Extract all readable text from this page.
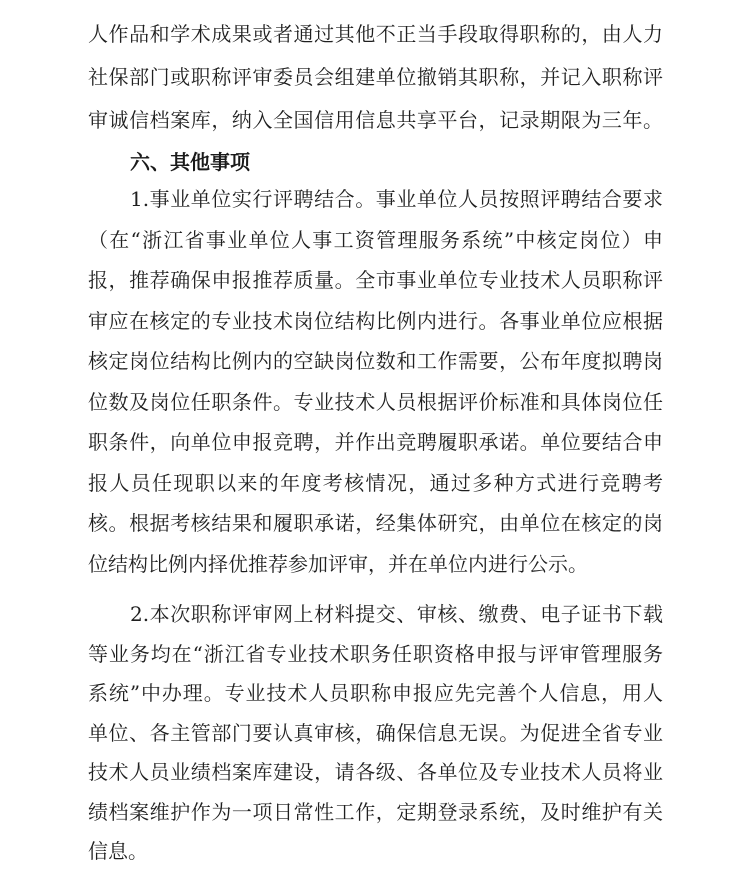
人作品和学术成果或者通过其他不正当手段取得职称的，由人力
社保部门或职称评审委员会组建单位撤销其职称，并记入职称评
审诚信档案库，纳入全国信用信息共享平台，记录期限为三年。
六、其他事项
1.事业单位实行评聘结合。事业单位人员按照评聘结合要求
（在“浙江省事业单位人事工资管理服务系统”中核定岗位）申
报，推荐确保申报推荐质量。全市事业单位专业技术人员职称评
审应在核定的专业技术岗位结构比例内进行。各事业单位应根据
核定岗位结构比例内的空缺岗位数和工作需要，公布年度拟聘岗
位数及岗位任职条件。专业技术人员根据评价标准和具体岗位任
职条件，向单位申报竞聘，并作出竞聘履职承诺。单位要结合申
报人员任现职以来的年度考核情况，通过多种方式进行竞聘考
核。根据考核结果和履职承诺，经集体研究，由单位在核定的岗
位结构比例内择优推荐参加评审，并在单位内进行公示。
2.本次职称评审网上材料提交、审核、缴费、电子证书下载
等业务均在“浙江省专业技术职务任职资格申报与评审管理服务
系统”中办理。专业技术人员职称申报应先完善个人信息，用人
单位、各主管部门要认真审核，确保信息无误。为促进全省专业
技术人员业绩档案库建设，请各级、各单位及专业技术人员将业
绩档案维护作为一项日常性工作，定期登录系统，及时维护有关
信息。
